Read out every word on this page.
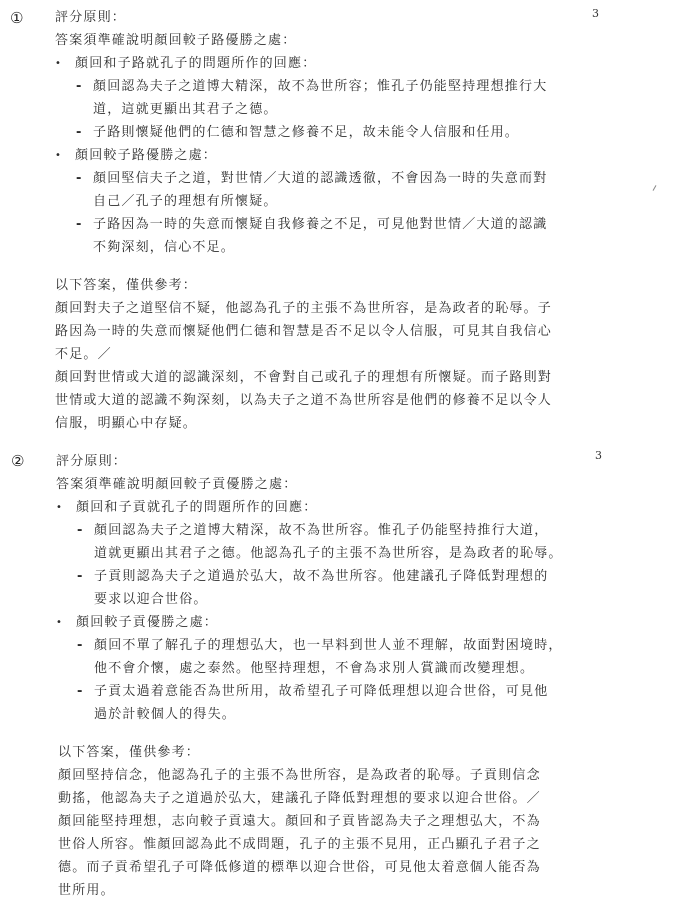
①	3
評分原則：
答案須準確說明顏回較子路優勝之處：
• 顏回和子路就孔子的問題所作的回應：
- 顏回認為夫子之道博大精深，故不為世所容；惟孔子仍能堅持理想推行大
道，這就更顯出其君子之德。
- 子路則懷疑他們的仁德和智慧之修養不足，故未能令人信服和任用。
• 顏回較子路優勝之處：
- 顏回堅信夫子之道，對世情／大道的認識透徹，不會因為一時的失意而對
自己／孔子的理想有所懷疑。
- 子路因為一時的失意而懷疑自我修養之不足，可見他對世情／大道的認識
不夠深刻，信心不足。
以下答案，僅供參考：
顏回對夫子之道堅信不疑，他認為孔子的主張不為世所容，是為政者的恥辱。子
路因為一時的失意而懷疑他們仁德和智慧是否不足以令人信服，可見其自我信心
不足。／
顏回對世情或大道的認識深刻，不會對自己或孔子的理想有所懷疑。而子路則對
世情或大道的認識不夠深刻，以為夫子之道不為世所容是他們的修養不足以令人
信服，明顯心中存疑。
②	3
評分原則：
答案須準確說明顏回較子貢優勝之處：
• 顏回和子貢就孔子的問題所作的回應：
- 顏回認為夫子之道博大精深，故不為世所容。惟孔子仍能堅持推行大道，
道就更顯出其君子之德。他認為孔子的主張不為世所容，是為政者的恥辱。
- 子貢則認為夫子之道過於弘大，故不為世所容。他建議孔子降低對理想的
要求以迎合世俗。
• 顏回較子貢優勝之處：
- 顏回不單了解孔子的理想弘大，也一早料到世人並不理解，故面對困境時，
他不會介懷，處之泰然。他堅持理想，不會為求別人賞識而改變理想。
- 子貢太過着意能否為世所用，故希望孔子可降低理想以迎合世俗，可見他
過於計較個人的得失。
以下答案，僅供參考：
顏回堅持信念，他認為孔子的主張不為世所容，是為政者的恥辱。子貢則信念
動搖，他認為夫子之道過於弘大，建議孔子降低對理想的要求以迎合世俗。／
顏回能堅持理想，志向較子貢遠大。顏回和子貢皆認為夫子之理想弘大，不為
世俗人所容。惟顏回認為此不成問題，孔子的主張不見用，正凸顯孔子君子之
德。而子貢希望孔子可降低修道的標準以迎合世俗，可見他太着意個人能否為
世所用。
